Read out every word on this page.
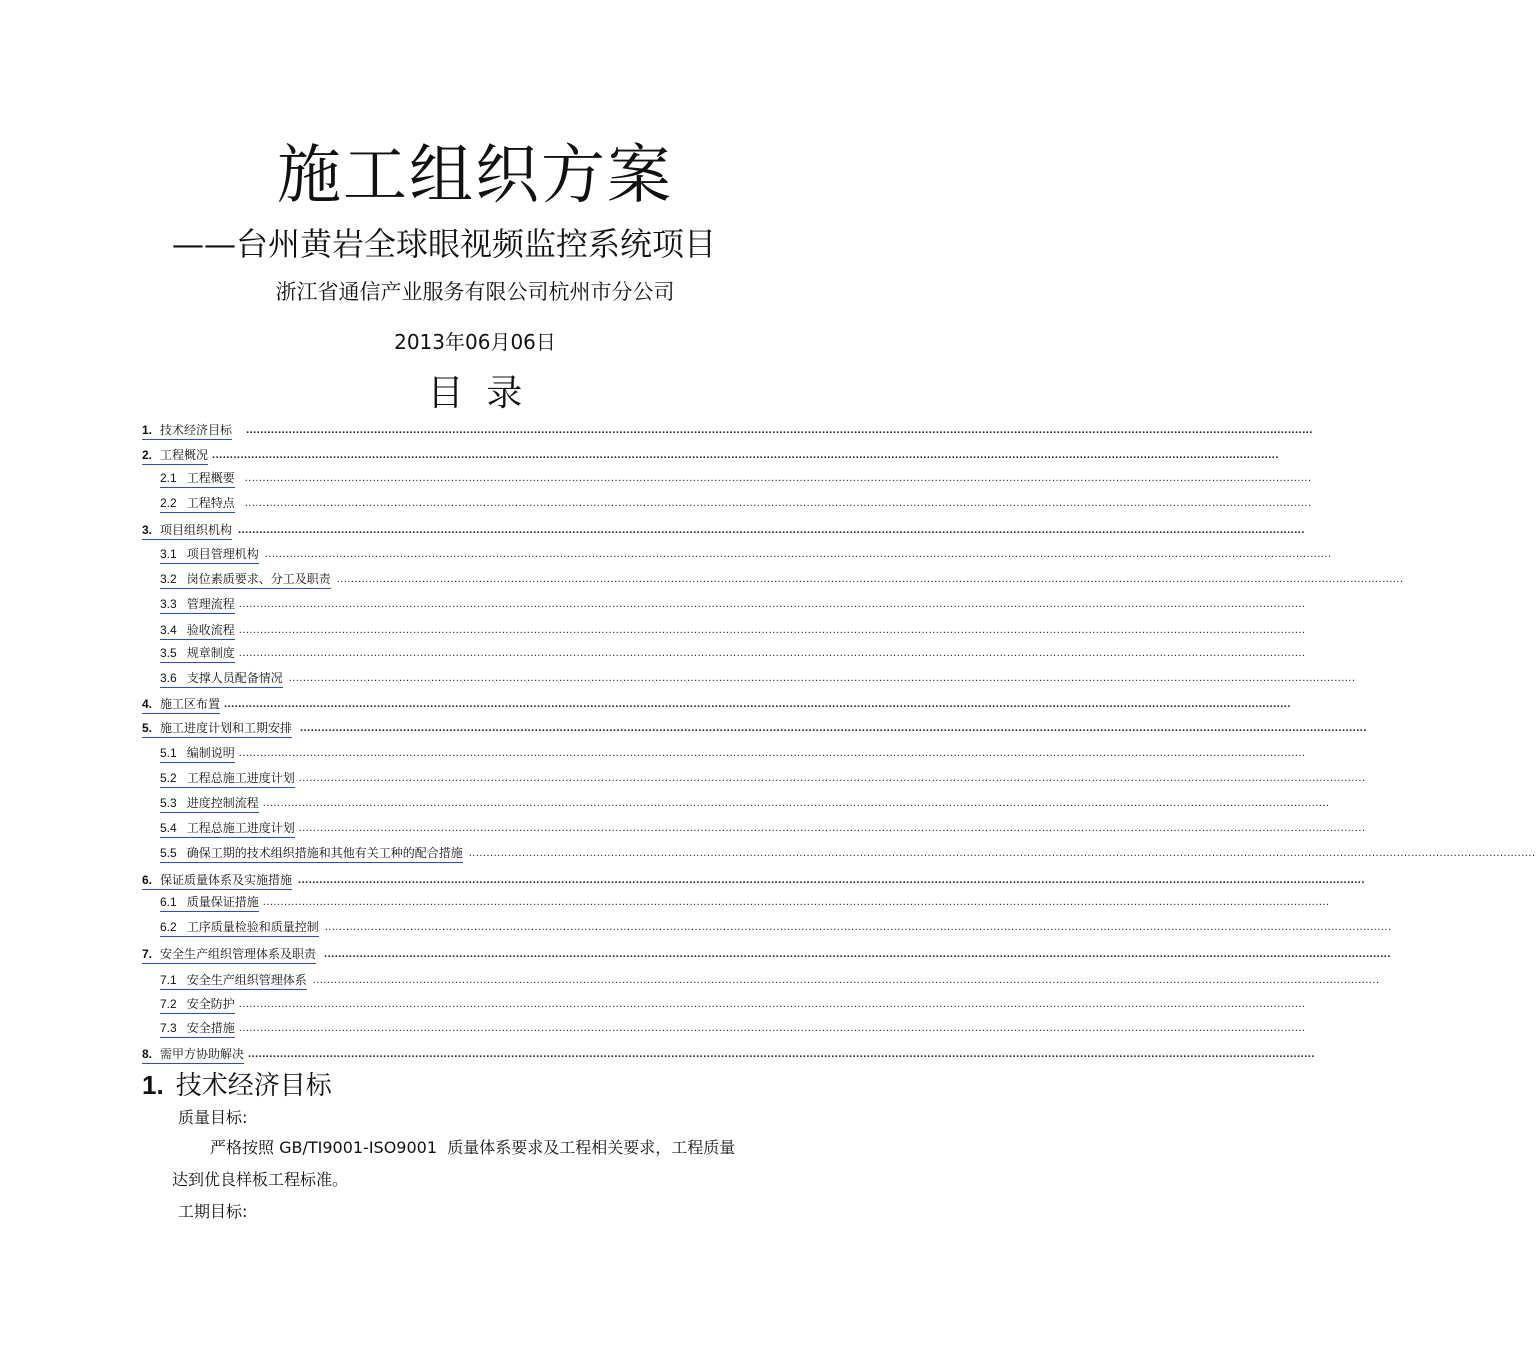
施工组织方案
——台州黄岩全球眼视频监控系统项目
浙江省通信产业服务有限公司杭州市分公司
2013年06月06日
目  录
1. 技术经济目标 ............................................................................................................................................................................................................................................................................................................
2. 工程概况 ............................................................................................................................................................................................................................................................................................................
2.1 工程概要 ............................................................................................................................................................................................................................................................................................................
2.2 工程特点 ............................................................................................................................................................................................................................................................................................................
3. 项目组织机构 ............................................................................................................................................................................................................................................................................................................
3.1 项目管理机构 ............................................................................................................................................................................................................................................................................................................
3.2 岗位素质要求、分工及职责 ............................................................................................................................................................................................................................................................................................................
3.3 管理流程 ............................................................................................................................................................................................................................................................................................................
3.4 验收流程 ............................................................................................................................................................................................................................................................................................................
3.5 规章制度 ............................................................................................................................................................................................................................................................................................................
3.6 支撑人员配备情况 ............................................................................................................................................................................................................................................................................................................
4. 施工区布置 ............................................................................................................................................................................................................................................................................................................
5. 施工进度计划和工期安排 ............................................................................................................................................................................................................................................................................................................
5.1 编制说明 ............................................................................................................................................................................................................................................................................................................
5.2 工程总施工进度计划 ............................................................................................................................................................................................................................................................................................................
5.3 进度控制流程 ............................................................................................................................................................................................................................................................................................................
5.4 工程总施工进度计划 ............................................................................................................................................................................................................................................................................................................
5.5 确保工期的技术组织措施和其他有关工种的配合措施 ............................................................................................................................................................................................................................................................................................................
6. 保证质量体系及实施措施 ............................................................................................................................................................................................................................................................................................................
6.1 质量保证措施 ............................................................................................................................................................................................................................................................................................................
6.2 工序质量检验和质量控制 ............................................................................................................................................................................................................................................................................................................
7. 安全生产组织管理体系及职责 ............................................................................................................................................................................................................................................................................................................
7.1 安全生产组织管理体系 ............................................................................................................................................................................................................................................................................................................
7.2 安全防护 ............................................................................................................................................................................................................................................................................................................
7.3 安全措施 ............................................................................................................................................................................................................................................................................................................
8. 需甲方协助解决 ............................................................................................................................................................................................................................................................................................................
1. 技术经济目标
质量目标:
严格按照 GB/TI9001-ISO9001  质量体系要求及工程相关要求，工程质量
达到优良样板工程标准。
工期目标:
